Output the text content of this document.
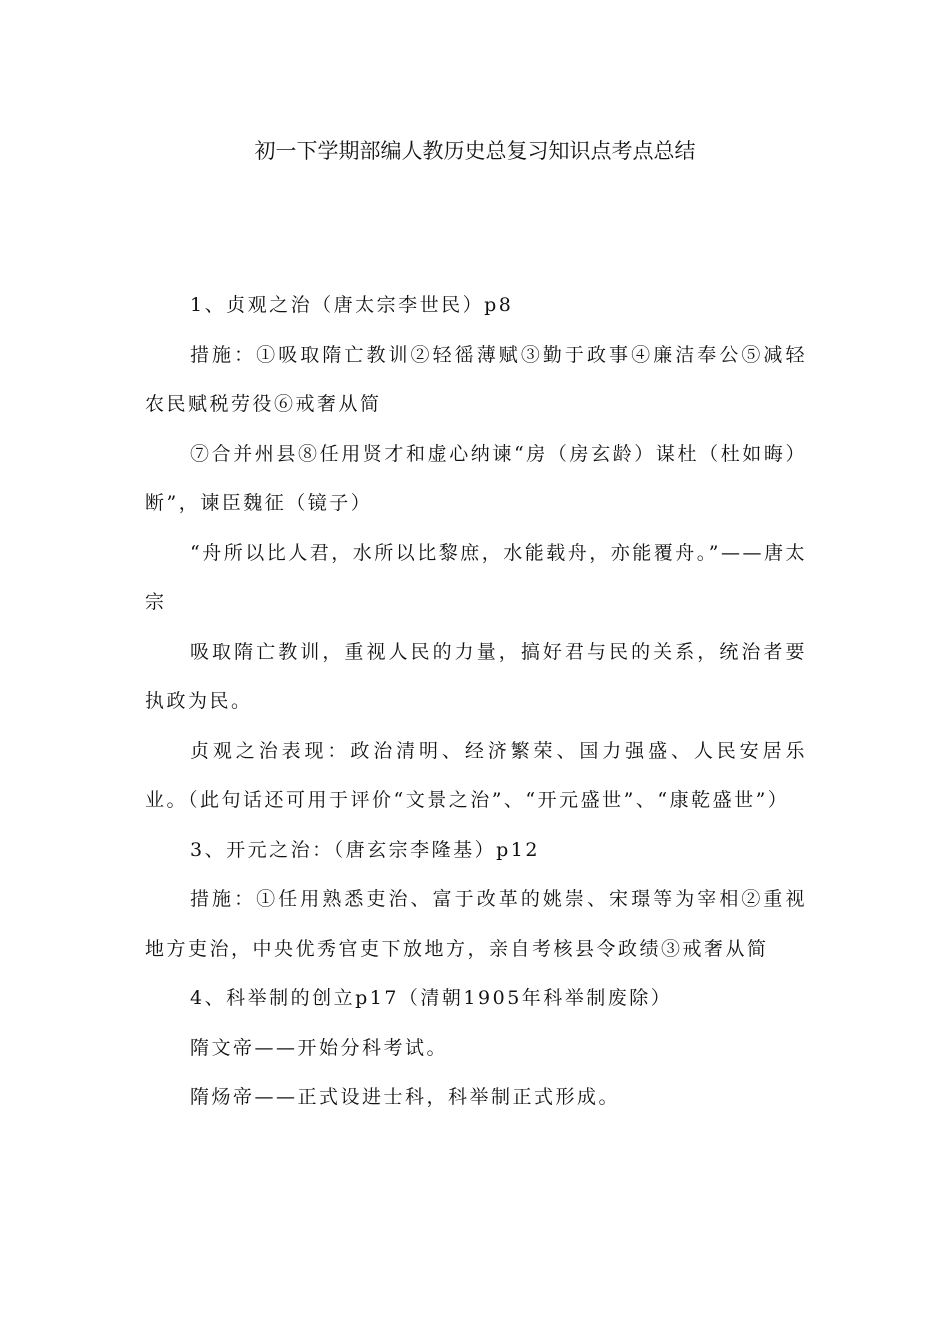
初一下学期部编人教历史总复习知识点考点总结

1、贞观之治（唐太宗李世民）p8

措施：①吸取隋亡教训②轻徭薄赋③勤于政事④廉洁奉公⑤减轻农民赋税劳役⑥戒奢从简

⑦合并州县⑧任用贤才和虚心纳谏“房（房玄龄）谋杜（杜如晦）断”，谏臣魏征（镜子）

“舟所以比人君，水所以比黎庶，水能载舟，亦能覆舟。”——唐太宗

吸取隋亡教训，重视人民的力量，搞好君与民的关系，统治者要执政为民。

贞观之治表现：政治清明、经济繁荣、国力强盛、人民安居乐业。（此句话还可用于评价“文景之治”、“开元盛世”、“康乾盛世”）

3、开元之治：（唐玄宗李隆基）p12

措施：①任用熟悉吏治、富于改革的姚崇、宋璟等为宰相②重视地方吏治，中央优秀官吏下放地方，亲自考核县令政绩③戒奢从简

4、科举制的创立p17（清朝1905年科举制废除）

隋文帝——开始分科考试。

隋炀帝——正式设进士科，科举制正式形成。
